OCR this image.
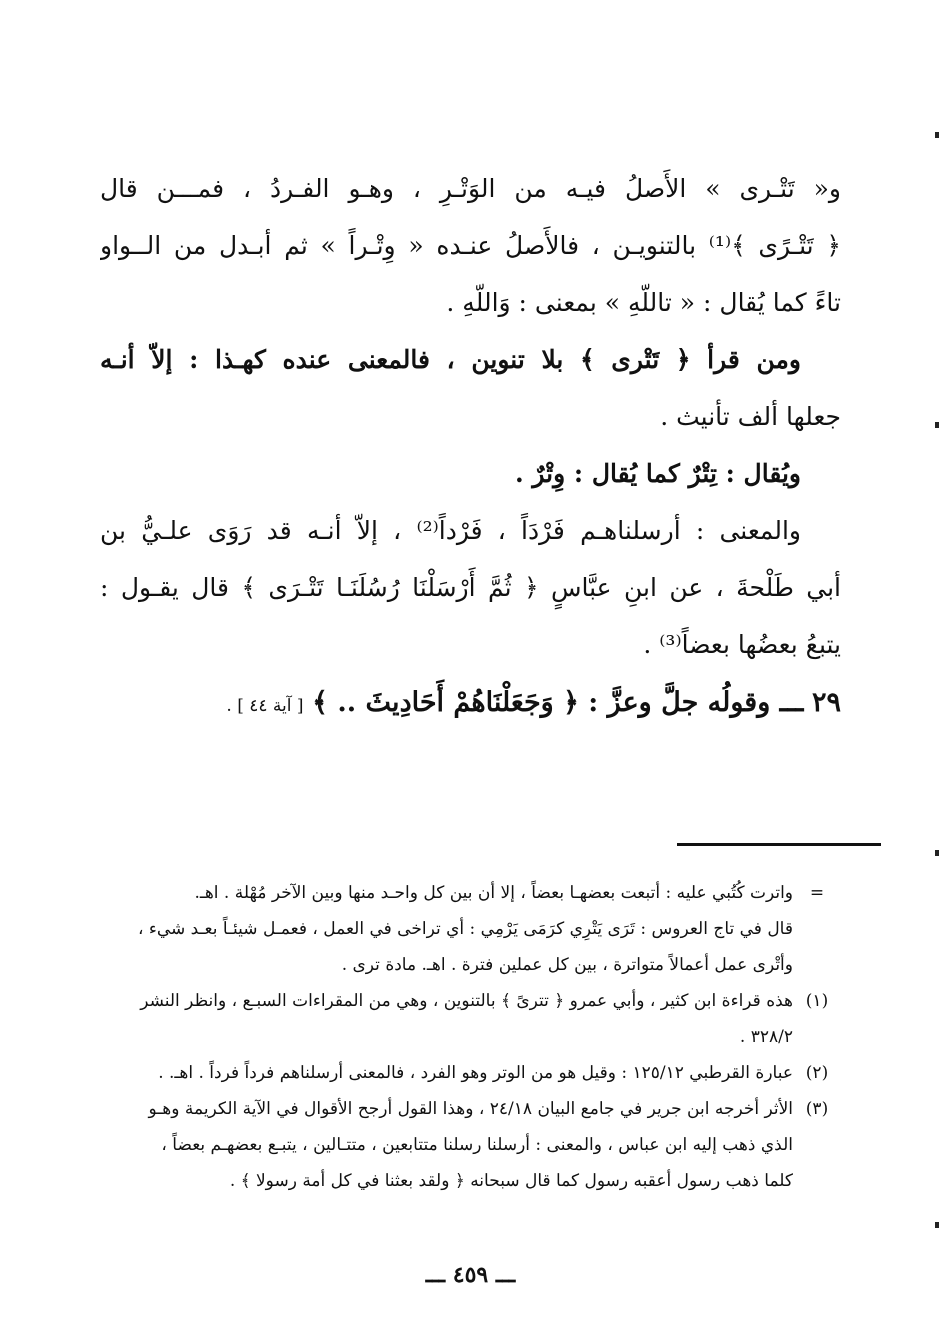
و« تَتْـرى » الأَصلُ فيـه من الوَتْـرِ ، وهـو الفـردُ ، فمـــن قال
﴿ تَتْـرًى ﴾⁽¹⁾ بالتنويـن ، فالأَصلُ عنـده « وِتْـراً » ثم أبـدل من الــواو
تاءً كما يُقال : « تاللّهِ » بمعنى : وَاللّهِ .
ومن قرأ ﴿ تَتْرى ﴾ بلا تنوين ، فالمعنى عنده كهـذا : إلاّ أنـه
جعلها ألف تأنيث .
ويُقال : تِتْرٌ كما يُقال : وِتْرٌ .
والمعنى : أرسلناهـم فَرْدَاً ، فَرْداً⁽²⁾ ، إلاّ أنـه قد رَوَى علـيُّ بن
أبي طَلْحةَ ، عن ابنِ عبَّاسٍ ﴿ ثُمَّ أَرْسَلْنَا رُسُلَنَـا تَتْـرَى ﴾ قال يقـول :
يتبعُ بعضُها بعضاً⁽³⁾ .
٢٩ ـــ وقولُه جلَّ وعزَّ : ﴿ وَجَعَلْنَاهُمْ أَحَادِيثَ .. ﴾ [ آية ٤٤ ] .
=
واترت كُتُبي عليه : أتبعت بعضهـا بعضاً ، إلا أن بين كل واحـد منها وبين الآخر مُهْلة . اهـ.
قال في تاج العروس : تَرَى يَتْرِي كرَمَى يَرْمِي : أي تراخى في العمل ، فعمـل شيئـاً بعـد شيء ،
وأتْرى عمل أعمالاً متواترة ، بين كل عملين فترة . اهـ. مادة ترى .
(١)
هذه قراءة ابن كثير ، وأبي عمرو ﴿ تترىً ﴾ بالتنوين ، وهي من المقراءات السبـع ، وانظر النشر
٣٢٨/٢ .
(٢)
عبارة القرطبي ١٢٥/١٢ : وقيل هو من الوتر وهو الفرد ، فالمعنى أرسلناهم فرداً فرداً . اهـ. .
(٣)
الأثر أخرجه ابن جرير في جامع البيان ٢٤/١٨ ، وهذا القول أرجح الأقوال في الآية الكريمة وهـو
الذي ذهب إليه ابن عباس ، والمعنى : أرسلنا رسلنا متتابعين ، متتـالين ، يتبـع بعضهـم بعضاً ،
كلما ذهب رسول أعقبه رسول كما قال سبحانه ﴿ ولقد بعثنا في كل أمة رسولا ﴾ .
ـــ ٤٥٩ ـــ
